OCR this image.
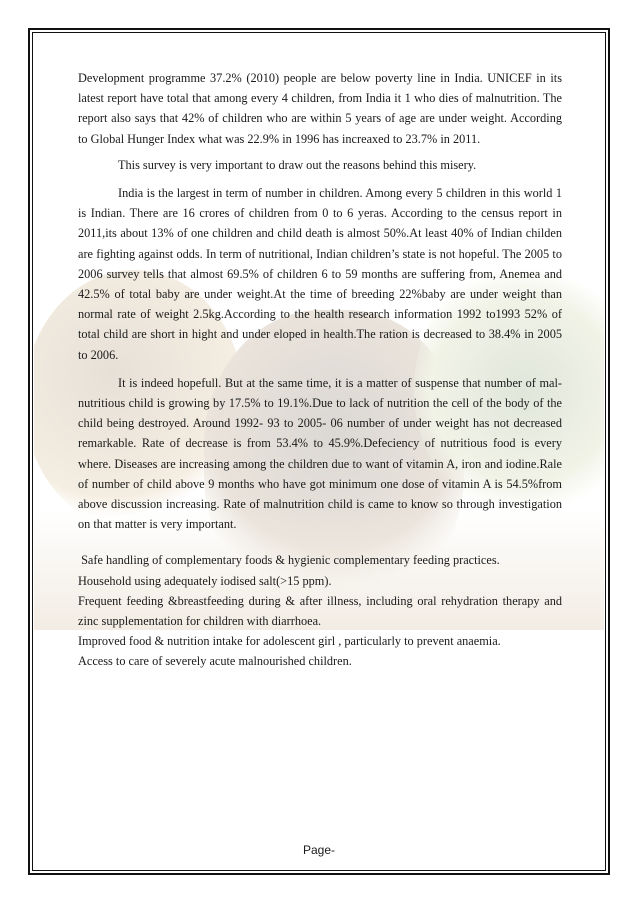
Development programme 37.2% (2010) people are below poverty line in India. UNICEF in its latest report have total that among every 4 children, from India it 1 who dies of malnutrition. The report also says that 42% of children who are within 5 years of age are under weight. According to Global Hunger Index what was 22.9% in 1996 has increaxed to 23.7% in 2011.

This survey is very important to draw out the reasons behind this misery.

India is the largest in term of number in children. Among every 5 children in this world 1 is Indian. There are 16 crores of children from 0 to 6 yeras. According to the census report in 2011,its about 13% of one children and child death is almost 50%.At least 40% of Indian childen are fighting against odds. In term of nutritional, Indian children’s state is not hopeful. The 2005 to 2006 survey tells that almost 69.5% of children 6 to 59 months are suffering from, Anemea and 42.5% of total baby are under weight.At the time of breeding 22%baby are under weight than normal rate of weight 2.5kg.According to the health research information 1992 to1993 52% of total child are short in hight and under eloped in health.The ration is decreased to 38.4% in 2005 to 2006.

It is indeed hopefull. But at the same time, it is a matter of suspense that number of mal-nutritious child is growing by 17.5% to 19.1%.Due to lack of nutrition the cell of the body of the child being destroyed. Around 1992- 93 to 2005- 06 number of under weight has not decreased remarkable. Rate of decrease is from 53.4% to 45.9%.Defeciency of nutritious food is every where. Diseases are increasing among the children due to want of vitamin A, iron and iodine.Rale of number of child above 9 months who have got minimum one dose of vitamin A is 54.5%from above discussion increasing. Rate of malnutrition child is came to know so through investigation on that matter is very important.

Safe handling of complementary foods & hygienic complementary feeding practices.

Household using adequately iodised salt(>15 ppm).

Frequent feeding &breastfeeding during & after illness, including oral rehydration therapy and zinc supplementation for children with diarrhoea.

Improved food & nutrition intake for adolescent girl , particularly to prevent anaemia.

Access to care of severely acute malnourished children.

Page-
